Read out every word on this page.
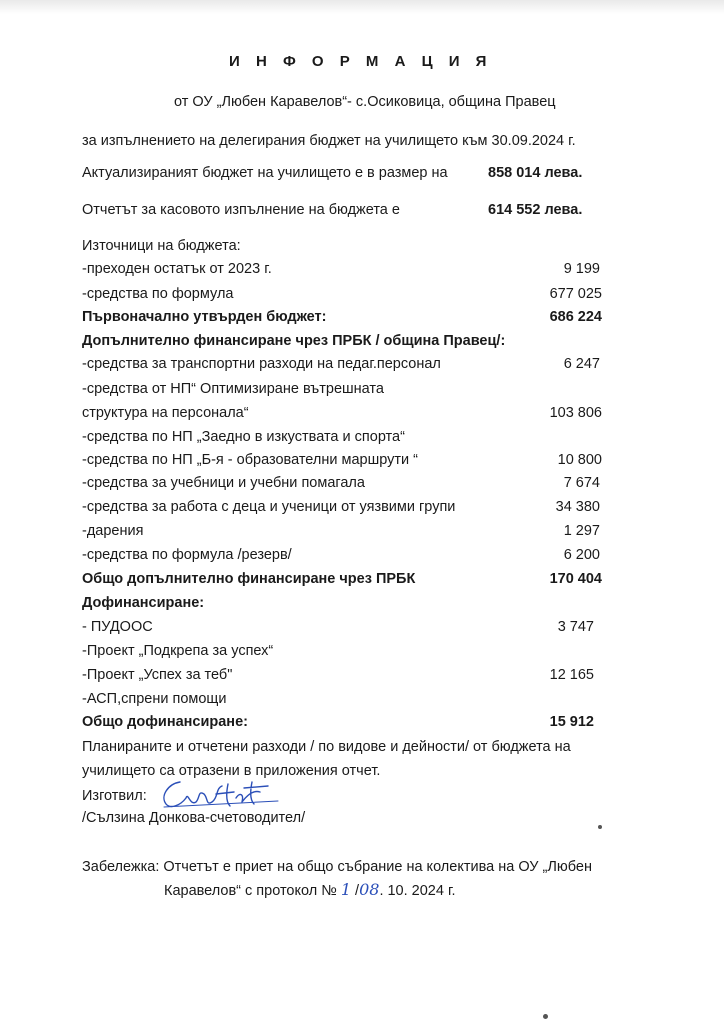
И Н Ф О Р М А Ц И Я
от ОУ „Любен Каравелов“- с.Осиковица, община Правец
за изпълнението на делегирания бюджет на училището към 30.09.2024 г.
Актуализираният бюджет на училището е в размер на	858 014 лева.
Отчетът за касовото изпълнение на бюджета е	614 552 лева.
Източници на бюджета:
-преходен остатък от 2023 г.	9 199
-средства по формула	677 025
Първоначално утвърден бюджет:	686 224
Допълнително финансиране чрез ПРБК / община Правец/:
-средства за транспортни разходи на педаг.персонал	6 247
-средства от НП“ Оптимизиране вътрешната
структура на персонала“	103 806
-средства по НП „Заедно в изкуствата и спорта“
-средства по НП „Б-я - образователни маршрути “	10 800
-средства за учебници и учебни помагала	7 674
-средства за работа с деца и ученици от уязвими групи	34 380
-дарения	1 297
-средства по формула /резерв/	6 200
Общо допълнително финансиране чрез ПРБК	170 404
Дофинансиране:
- ПУДООС	3 747
-Проект „Подкрепа за успех“
-Проект „Успех за теб"	12 165
-АСП,спрени помощи
Общо дофинансиране:	15 912
Планираните и отчетени разходи / по видове и дейности/ от бюджета на
училището са отразени в приложения отчет.
Изготвил:
/Сълзина Донкова-счетоводител/
Забележка: Отчетът е приет на общо събрание на колектива на ОУ „Любен
Каравелов“ с протокол № 1 /08. 10. 2024 г.
